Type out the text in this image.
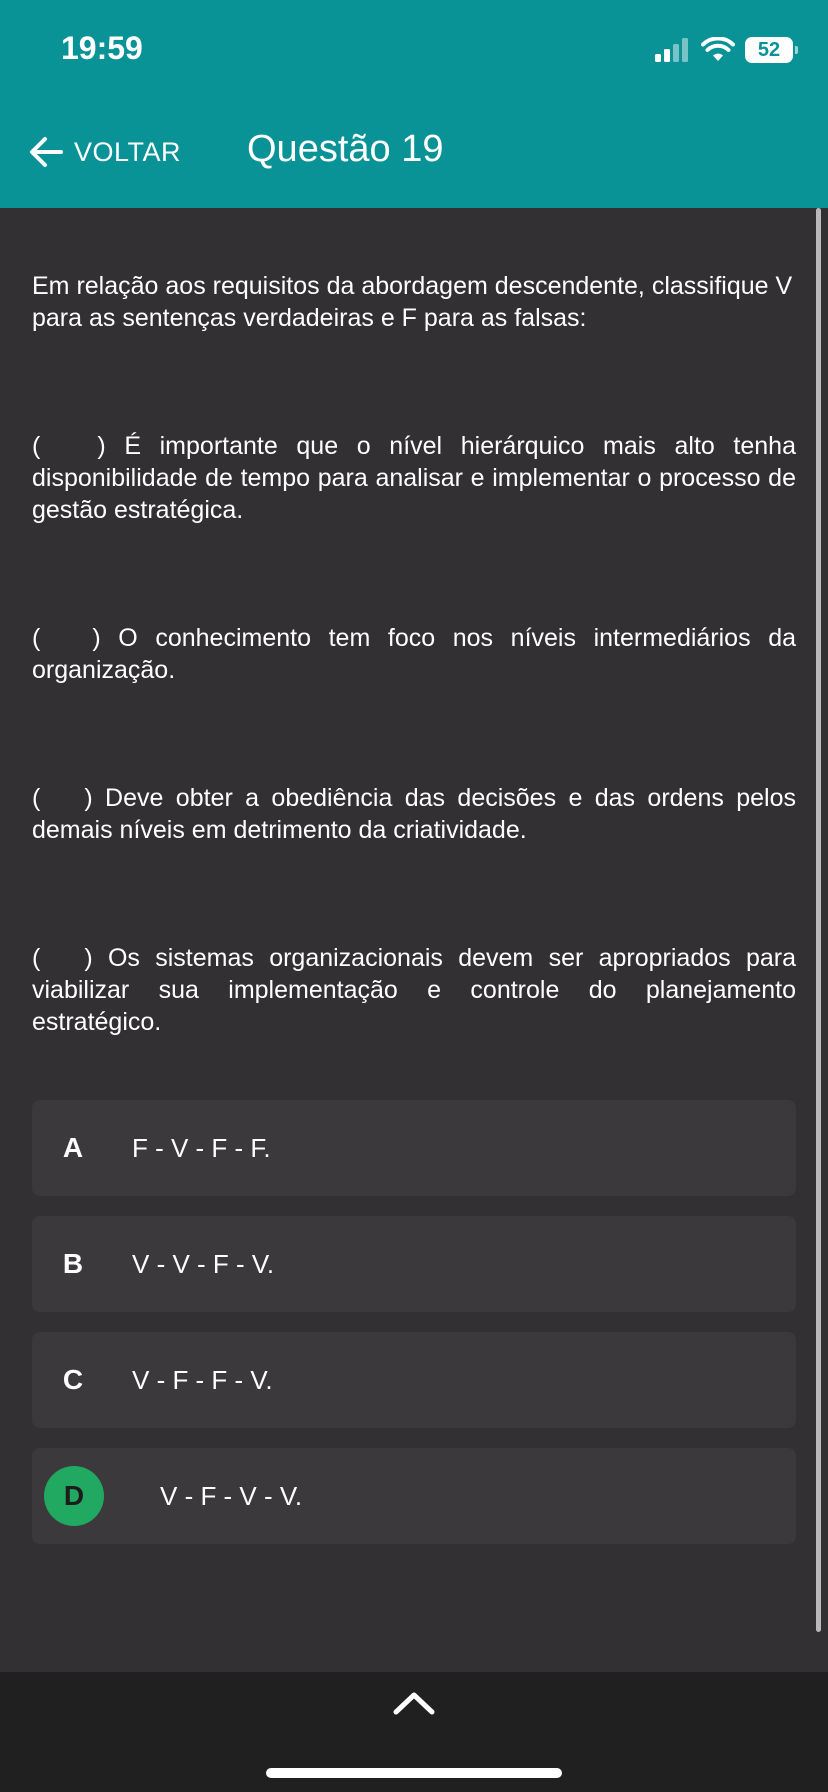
19:59	52
VOLTAR Questão 19

Em relação aos requisitos da abordagem descendente, classifique V para as sentenças verdadeiras e F para as falsas:

( ) É importante que o nível hierárquico mais alto tenha disponibilidade de tempo para analisar e implementar o processo de gestão estratégica.

( ) O conhecimento tem foco nos níveis intermediários da organização.

( ) Deve obter a obediência das decisões e das ordens pelos demais níveis em detrimento da criatividade.

( ) Os sistemas organizacionais devem ser apropriados para viabilizar sua implementação e controle do planejamento estratégico.

A	F - V - F - F.
B	V - V - F - V.
C	V - F - F - V.
D	V - F - V - V.
